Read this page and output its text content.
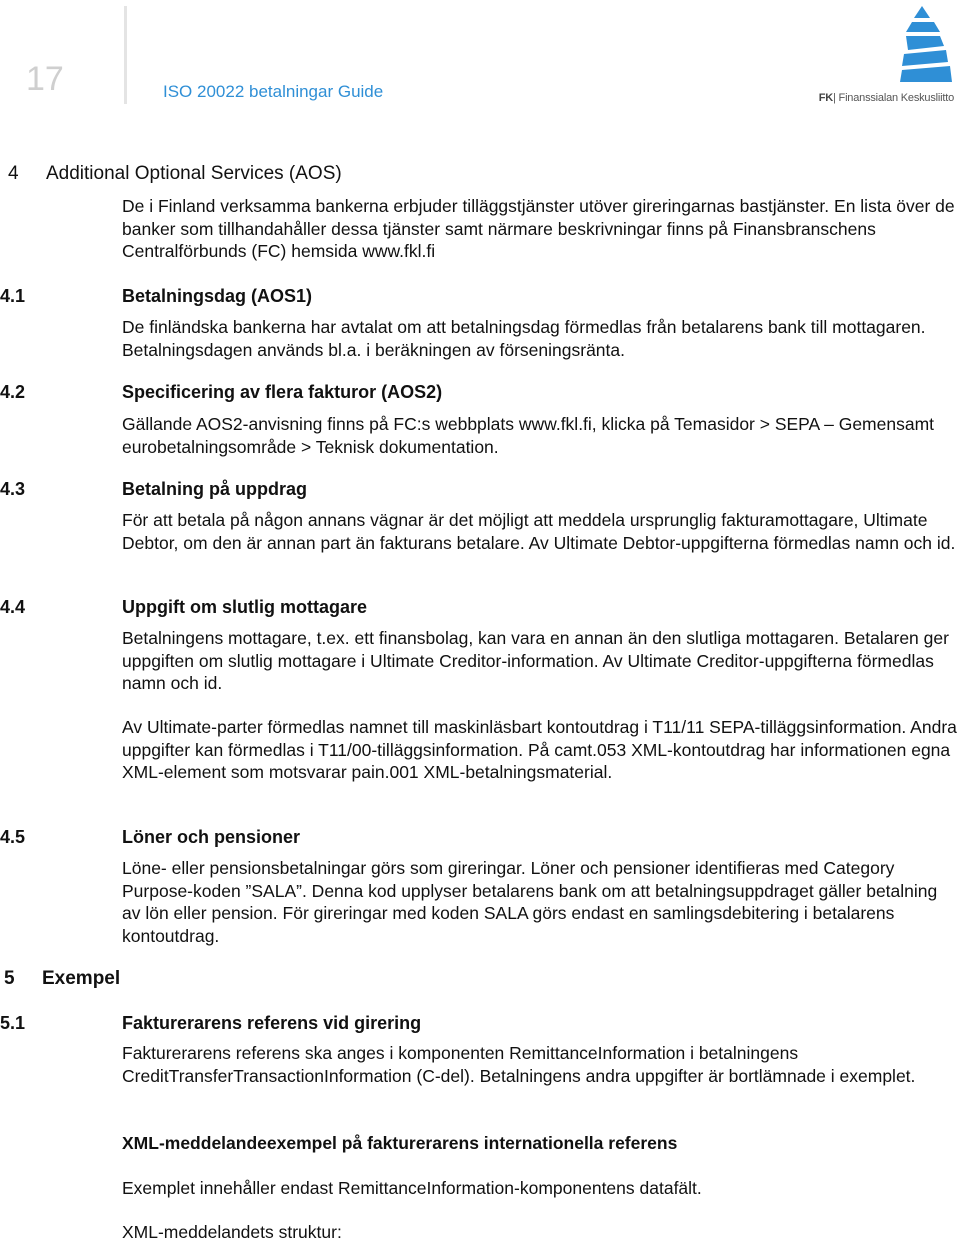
17	ISO 20022 betalningar Guide	FK| Finanssialan Keskusliitto
4 Additional Optional Services (AOS)
De i Finland verksamma bankerna erbjuder tilläggstjänster utöver gireringarnas bastjänster. En lista över de banker som tillhandahåller dessa tjänster samt närmare beskrivningar finns på Finansbranschens Centralförbunds (FC) hemsida www.fkl.fi
4.1	Betalningsdag (AOS1)
De finländska bankerna har avtalat om att betalningsdag förmedlas från betalarens bank till mottagaren. Betalningsdagen används bl.a. i beräkningen av förseningsränta.
4.2	Specificering av flera fakturor (AOS2)
Gällande AOS2-anvisning finns på FC:s webbplats www.fkl.fi, klicka på Temasidor > SEPA – Gemensamt eurobetalningsområde > Teknisk dokumentation.
4.3	Betalning på uppdrag
För att betala på någon annans vägnar är det möjligt att meddela ursprunglig fakturamottagare, Ultimate Debtor, om den är annan part än fakturans betalare. Av Ultimate Debtor-uppgifterna förmedlas namn och id.
4.4	Uppgift om slutlig mottagare
Betalningens mottagare, t.ex. ett finansbolag, kan vara en annan än den slutliga mottagaren. Betalaren ger uppgiften om slutlig mottagare i Ultimate Creditor-information. Av Ultimate Creditor-uppgifterna förmedlas namn och id.
Av Ultimate-parter förmedlas namnet till maskinläsbart kontoutdrag i T11/11 SEPA-tilläggsinformation. Andra uppgifter kan förmedlas i T11/00-tilläggsinformation. På camt.053 XML-kontoutdrag har informationen egna XML-element som motsvarar pain.001 XML-betalningsmaterial.
4.5	Löner och pensioner
Löne- eller pensionsbetalningar görs som gireringar. Löner och pensioner identifieras med Category Purpose-koden ”SALA”. Denna kod upplyser betalarens bank om att betalningsuppdraget gäller betalning av lön eller pension. För gireringar med koden SALA görs endast en samlingsdebitering i betalarens kontoutdrag.
5 Exempel
5.1	Fakturerarens referens vid girering
Fakturerarens referens ska anges i komponenten RemittanceInformation i betalningens CreditTransferTransactionInformation (C-del). Betalningens andra uppgifter är bortlämnade i exemplet.
XML-meddelandeexempel på fakturerarens internationella referens
Exemplet innehåller endast RemittanceInformation-komponentens datafält.
XML-meddelandets struktur:
